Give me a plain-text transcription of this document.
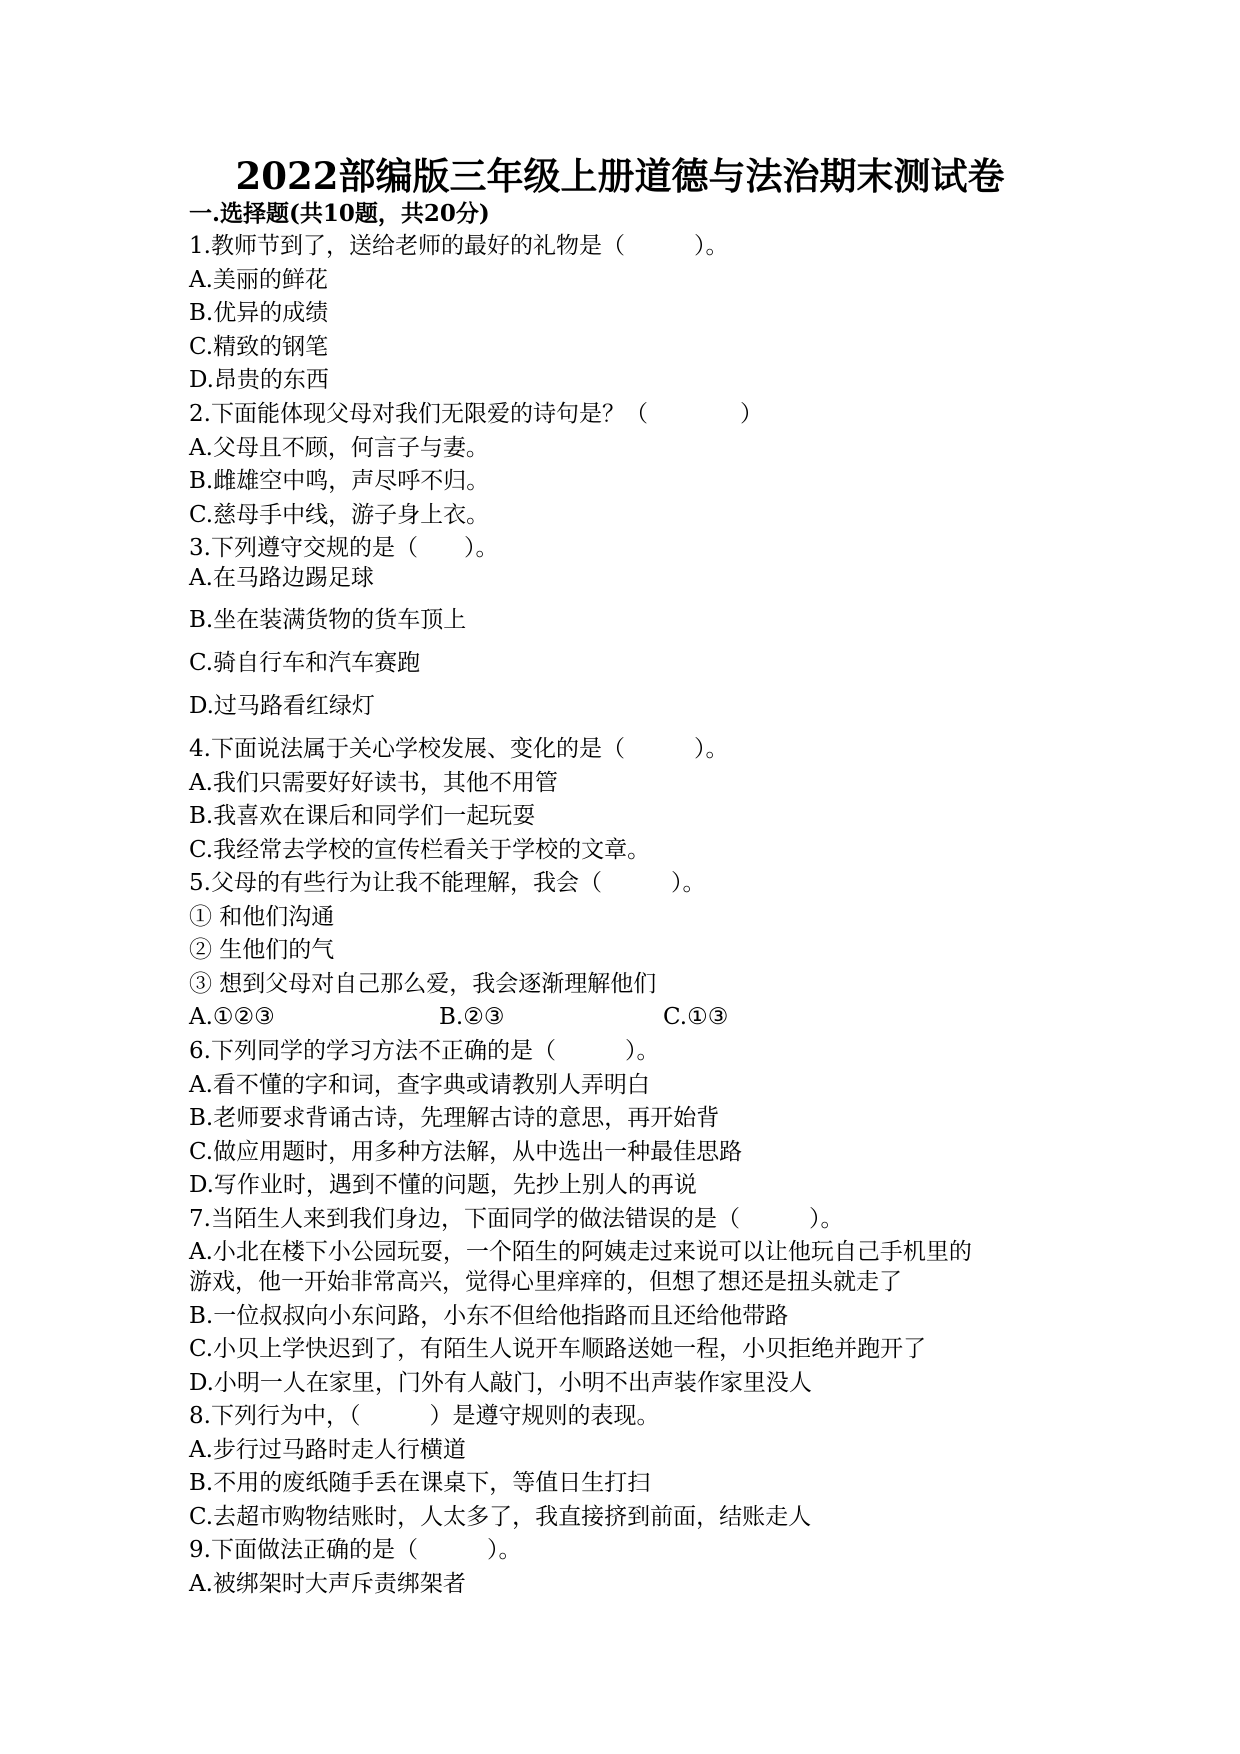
2022部编版三年级上册道德与法治期末测试卷
一.选择题(共10题，共20分)
1.教师节到了，送给老师的最好的礼物是（　　　）。
A.美丽的鲜花
B.优异的成绩
C.精致的钢笔
D.昂贵的东西
2.下面能体现父母对我们无限爱的诗句是？（　　　　）
A.父母且不顾，何言子与妻。
B.雌雄空中鸣，声尽呼不归。
C.慈母手中线，游子身上衣。
3.下列遵守交规的是（　　）。
A.在马路边踢足球
B.坐在装满货物的货车顶上
C.骑自行车和汽车赛跑
D.过马路看红绿灯
4.下面说法属于关心学校发展、变化的是（　　　）。
A.我们只需要好好读书，其他不用管
B.我喜欢在课后和同学们一起玩耍
C.我经常去学校的宣传栏看关于学校的文章。
5.父母的有些行为让我不能理解，我会（　　　）。
① 和他们沟通
② 生他们的气
③ 想到父母对自己那么爱，我会逐渐理解他们
A.①②③	B.②③	C.①③
6.下列同学的学习方法不正确的是（　　　）。
A.看不懂的字和词，查字典或请教别人弄明白
B.老师要求背诵古诗，先理解古诗的意思，再开始背
C.做应用题时，用多种方法解，从中选出一种最佳思路
D.写作业时，遇到不懂的问题，先抄上别人的再说
7.当陌生人来到我们身边，下面同学的做法错误的是（　　　）。
A.小北在楼下小公园玩耍，一个陌生的阿姨走过来说可以让他玩自己手机里的
游戏，他一开始非常高兴，觉得心里痒痒的，但想了想还是扭头就走了
B.一位叔叔向小东问路，小东不但给他指路而且还给他带路
C.小贝上学快迟到了，有陌生人说开车顺路送她一程，小贝拒绝并跑开了
D.小明一人在家里，门外有人敲门，小明不出声装作家里没人
8.下列行为中，（　　　）是遵守规则的表现。
A.步行过马路时走人行横道
B.不用的废纸随手丢在课桌下，等值日生打扫
C.去超市购物结账时，人太多了，我直接挤到前面，结账走人
9.下面做法正确的是（　　　）。
A.被绑架时大声斥责绑架者
